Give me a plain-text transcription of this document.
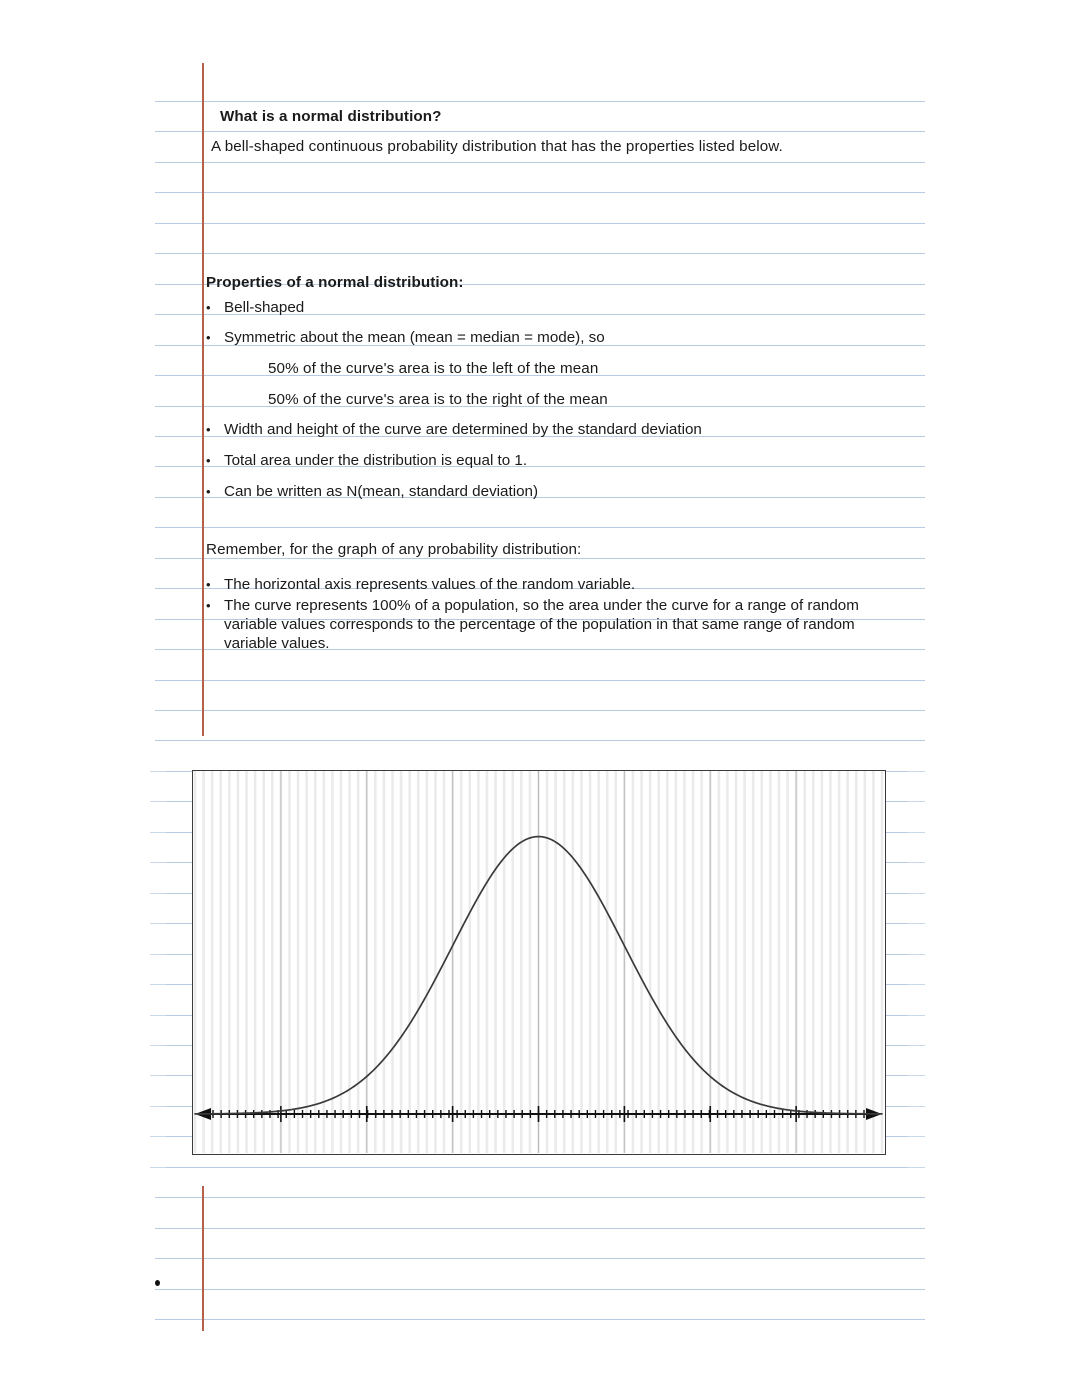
What is a normal distribution?
A bell-shaped continuous probability distribution that has the properties listed below.
Properties of a normal distribution:
• Bell-shaped
• Symmetric about the mean (mean = median = mode), so
50% of the curve's area is to the left of the mean
50% of the curve's area is to the right of the mean
• Width and height of the curve are determined by the standard deviation
• Total area under the distribution is equal to 1.
• Can be written as N(mean, standard deviation)
Remember, for the graph of any probability distribution:
• The horizontal axis represents values of the random variable.
• The curve represents 100% of a population, so the area under the curve for a range of random variable values corresponds to the percentage of the population in that same range of random variable values.
